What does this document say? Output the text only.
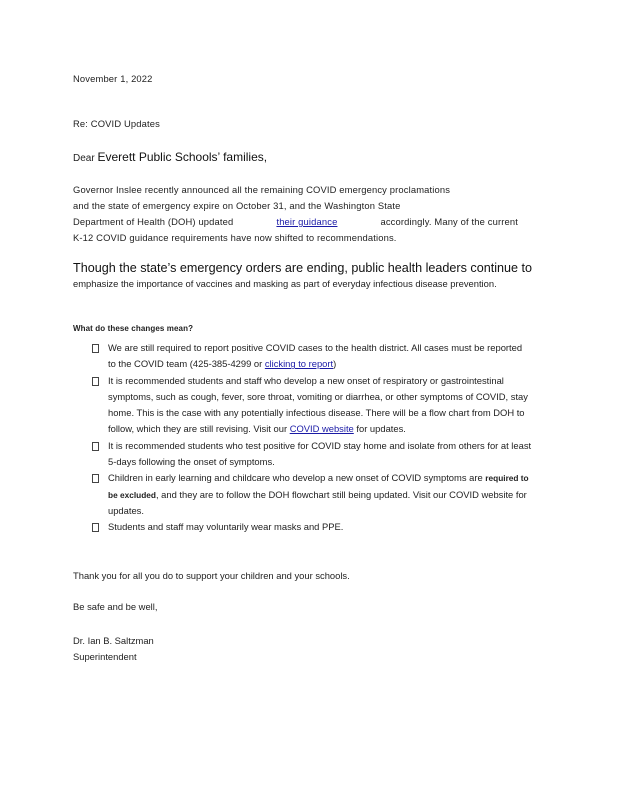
November 1, 2022
Re: COVID Updates
Dear Everett Public Schools’ families,
Governor Inslee recently announced all the remaining COVID emergency proclamations
and the state of emergency expire on October 31, and the Washington State
Department of Health (DOH) updated	their guidance	accordingly. Many of the current
K-12 COVID guidance requirements have now shifted to recommendations.
Though the state’s emergency orders are ending, public health leaders continue to
emphasize the importance of vaccines and masking as part of everyday infectious disease prevention.
What do these changes mean?
We are still required to report positive COVID cases to the health district. All cases must be reported to the COVID team (425-385-4299 or clicking to report)
It is recommended students and staff who develop a new onset of respiratory or gastrointestinal symptoms, such as cough, fever, sore throat, vomiting or diarrhea, or other symptoms of COVID, stay home. This is the case with any potentially infectious disease. There will be a flow chart from DOH to follow, which they are still revising. Visit our COVID website for updates.
It is recommended students who test positive for COVID stay home and isolate from others for at least 5-days following the onset of symptoms.
Children in early learning and childcare who develop a new onset of COVID symptoms are required to be excluded, and they are to follow the DOH flowchart still being updated. Visit our COVID website for updates.
Students and staff may voluntarily wear masks and PPE.
Thank you for all you do to support your children and your schools.
Be safe and be well,
Dr. Ian B. Saltzman
Superintendent
